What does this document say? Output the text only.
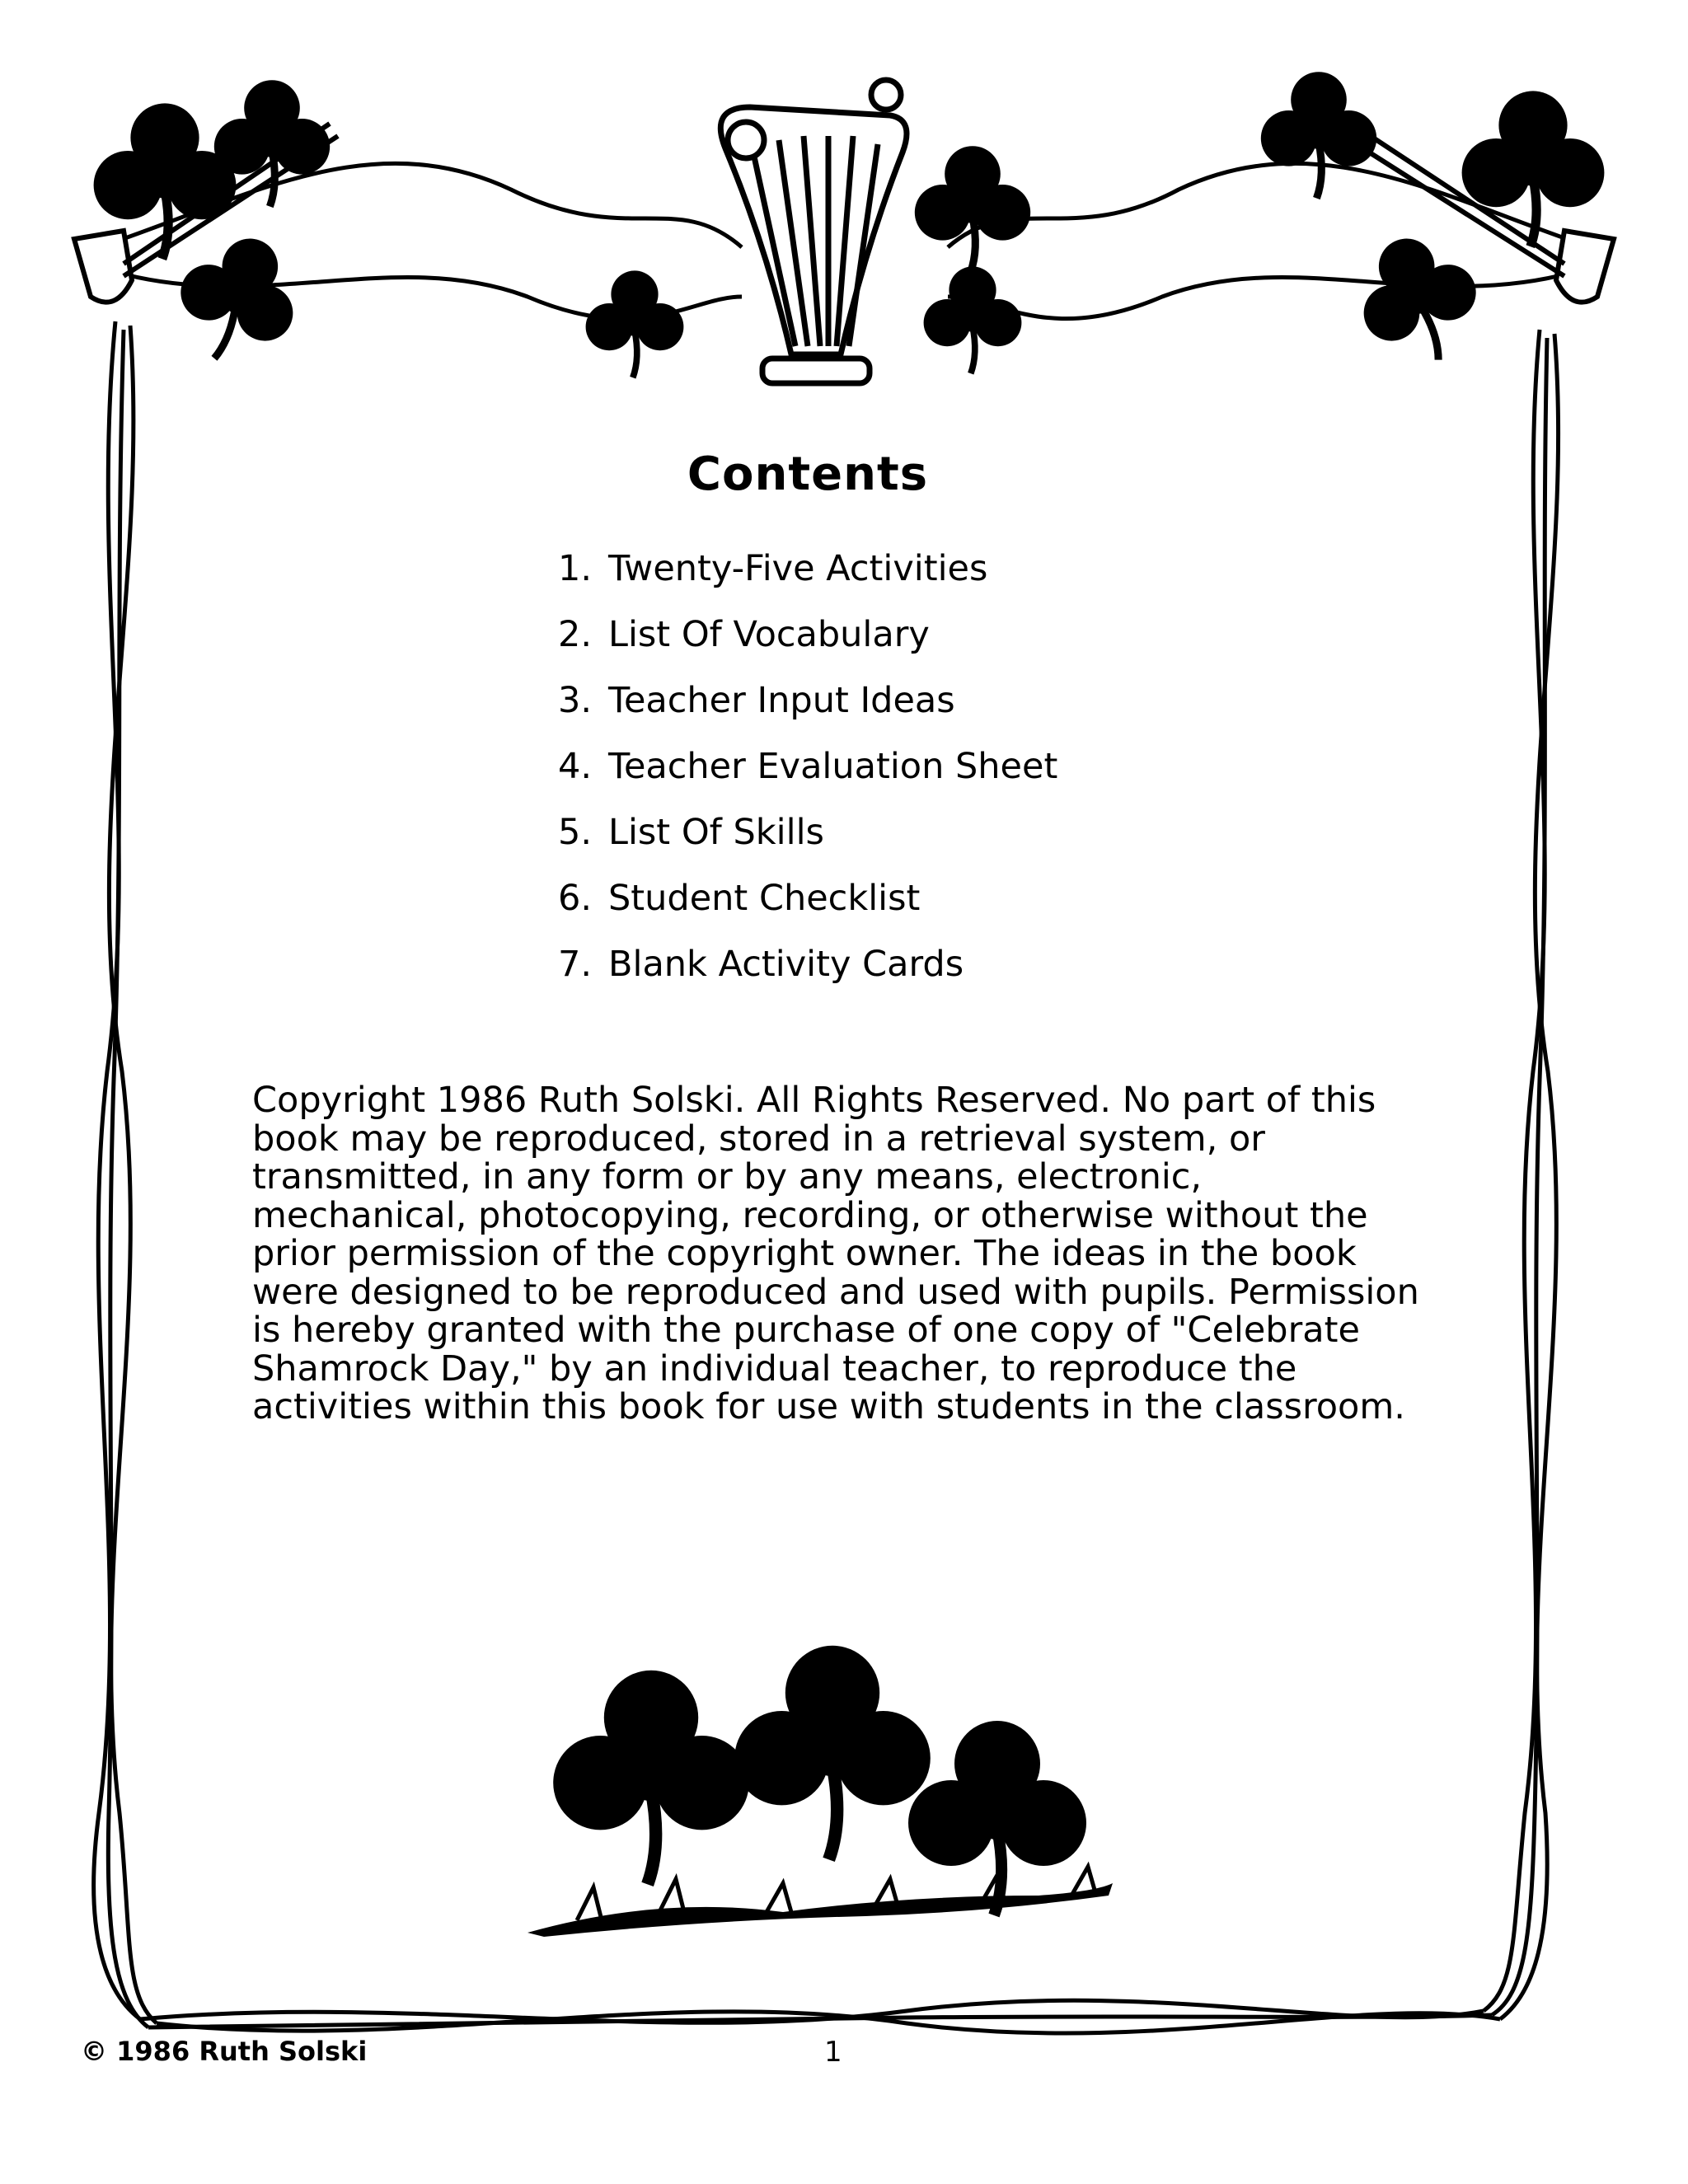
Contents
1. Twenty-Five Activities
2. List Of Vocabulary
3. Teacher Input Ideas
4. Teacher Evaluation Sheet
5. List Of Skills
6. Student Checklist
7. Blank Activity Cards

Copyright 1986 Ruth Solski. All Rights Reserved. No part of this book may be reproduced, stored in a retrieval system, or transmitted, in any form or by any means, electronic, mechanical, photocopying, recording, or otherwise without the prior permission of the copyright owner. The ideas in the book were designed to be reproduced and used with pupils. Permission is hereby granted with the purchase of one copy of "Celebrate Shamrock Day," by an individual teacher, to reproduce the activities within this book for use with students in the classroom.

© 1986 Ruth Solski	1
